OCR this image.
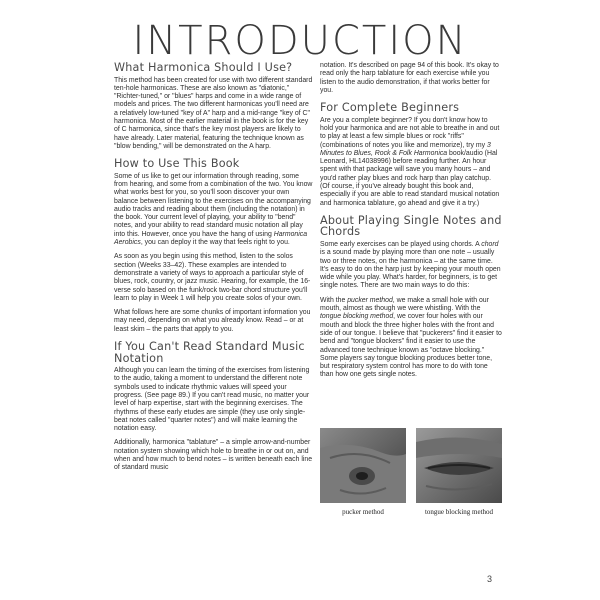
INTRODUCTION
What Harmonica Should I Use?

This method has been created for use with two different standard ten-hole harmonicas. These are also known as "diatonic," "Richter-tuned," or "blues" harps and come in a wide range of models and prices. The two different harmonicas you'll need are a relatively low-tuned "key of A" harp and a mid-range "key of C" harmonica. Most of the earlier material in the book is for the key of C harmonica, since that's the key most players are likely to have already. Later material, featuring the technique known as "blow bending," will be demonstrated on the A harp.

How to Use This Book

Some of us like to get our information through reading, some from hearing, and some from a combination of the two. You know what works best for you, so you'll soon discover your own balance between listening to the exercises on the accompanying audio tracks and reading about them (including the notation) in the book. Your current level of playing, your ability to "bend" notes, and your ability to read standard music notation all play into this. However, once you have the hang of using Harmonica Aerobics, you can deploy it the way that feels right to you.

As soon as you begin using this method, listen to the solos section (Weeks 33–42). These examples are intended to demonstrate a variety of ways to approach a particular style of blues, rock, country, or jazz music. Hearing, for example, the 16-verse solo based on the funk/rock two-bar chord structure you'll learn to play in Week 1 will help you create solos of your own.

What follows here are some chunks of important information you may need, depending on what you already know. Read – or at least skim – the parts that apply to you.

If You Can't Read Standard Music Notation

Although you can learn the timing of the exercises from listening to the audio, taking a moment to understand the different note symbols used to indicate rhythmic values will speed your progress. (See page 89.) If you can't read music, no matter your level of harp expertise, start with the beginning exercises. The rhythms of these early etudes are simple (they use only single-beat notes called "quarter notes") and will make learning the notation easy.

Additionally, harmonica "tablature" – a simple arrow-and-number notation system showing which hole to breathe in or out on, and when and how much to bend notes – is written beneath each line of standard music

notation. It's described on page 94 of this book. It's okay to read only the harp tablature for each exercise while you listen to the audio demonstration, if that works better for you.

For Complete Beginners

Are you a complete beginner? If you don't know how to hold your harmonica and are not able to breathe in and out to play at least a few simple blues or rock "riffs" (combinations of notes you like and memorize), try my 3 Minutes to Blues, Rock & Folk Harmonica book/audio (Hal Leonard, HL14038996) before reading further. An hour spent with that package will save you many hours – and you'd rather play blues and rock harp than play catchup. (Of course, if you've already bought this book and, especially if you are able to read standard musical notation and harmonica tablature, go ahead and give it a try.)

About Playing Single Notes and Chords

Some early exercises can be played using chords. A chord is a sound made by playing more than one note – usually two or three notes, on the harmonica – at the same time. It's easy to do on the harp just by keeping your mouth open wide while you play. What's harder, for beginners, is to get single notes. There are two main ways to do this:

With the pucker method, we make a small hole with our mouth, almost as though we were whistling. With the tongue blocking method, we cover four holes with our mouth and block the three higher holes with the front and side of our tongue. I believe that "puckerers" find it easier to bend and "tongue blockers" find it easier to use the advanced tone technique known as "octave blocking." Some players say tongue blocking produces better tone, but respiratory system control has more to do with tone than how one gets single notes.

pucker method	tongue blocking method
3
